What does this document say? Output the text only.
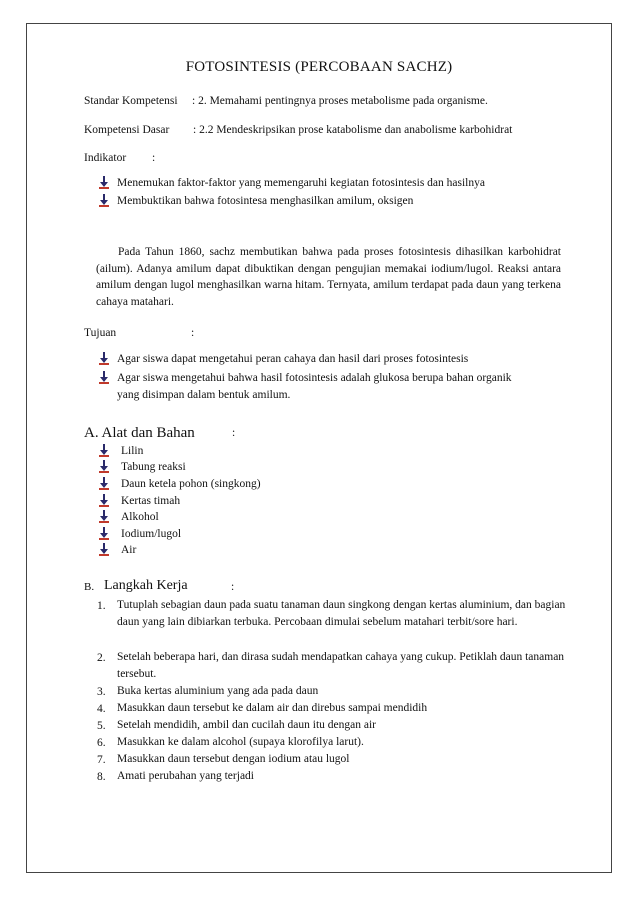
FOTOSINTESIS (PERCOBAAN SACHZ)
Standar Kompetensi : 2. Memahami pentingnya proses metabolisme pada organisme.
Kompetensi Dasar : 2.2 Mendeskripsikan prose katabolisme dan anabolisme karbohidrat
Indikator :
Menemukan faktor-faktor yang memengaruhi kegiatan fotosintesis dan hasilnya
Membuktikan bahwa fotosintesa menghasilkan amilum, oksigen
Pada Tahun 1860, sachz membutikan bahwa pada proses fotosintesis dihasilkan karbohidrat (ailum). Adanya amilum dapat dibuktikan dengan pengujian memakai iodium/lugol. Reaksi antara amilum dengan lugol menghasilkan warna hitam. Ternyata, amilum terdapat pada daun yang terkena cahaya matahari.
Tujuan	:
Agar siswa dapat mengetahui peran cahaya dan hasil dari proses fotosintesis
Agar siswa mengetahui bahwa hasil fotosintesis adalah glukosa berupa bahan organik
yang disimpan dalam bentuk amilum.
A. Alat dan Bahan	:
Lilin
Tabung reaksi
Daun ketela pohon (singkong)
Kertas timah
Alkohol
Iodium/lugol
Air
B. Langkah Kerja	:
1. Tutuplah sebagian daun pada suatu tanaman daun singkong dengan kertas aluminium, dan bagian daun yang lain dibiarkan terbuka. Percobaan dimulai sebelum matahari terbit/sore hari.
2. Setelah beberapa hari, dan dirasa sudah mendapatkan cahaya yang cukup. Petiklah daun tanaman tersebut.
3. Buka kertas aluminium yang ada pada daun
4. Masukkan daun tersebut ke dalam air dan direbus sampai mendidih
5. Setelah mendidih, ambil dan cucilah daun itu dengan air
6. Masukkan ke dalam alcohol (supaya klorofilya larut).
7. Masukkan daun tersebut dengan iodium atau lugol
8. Amati perubahan yang terjadi
